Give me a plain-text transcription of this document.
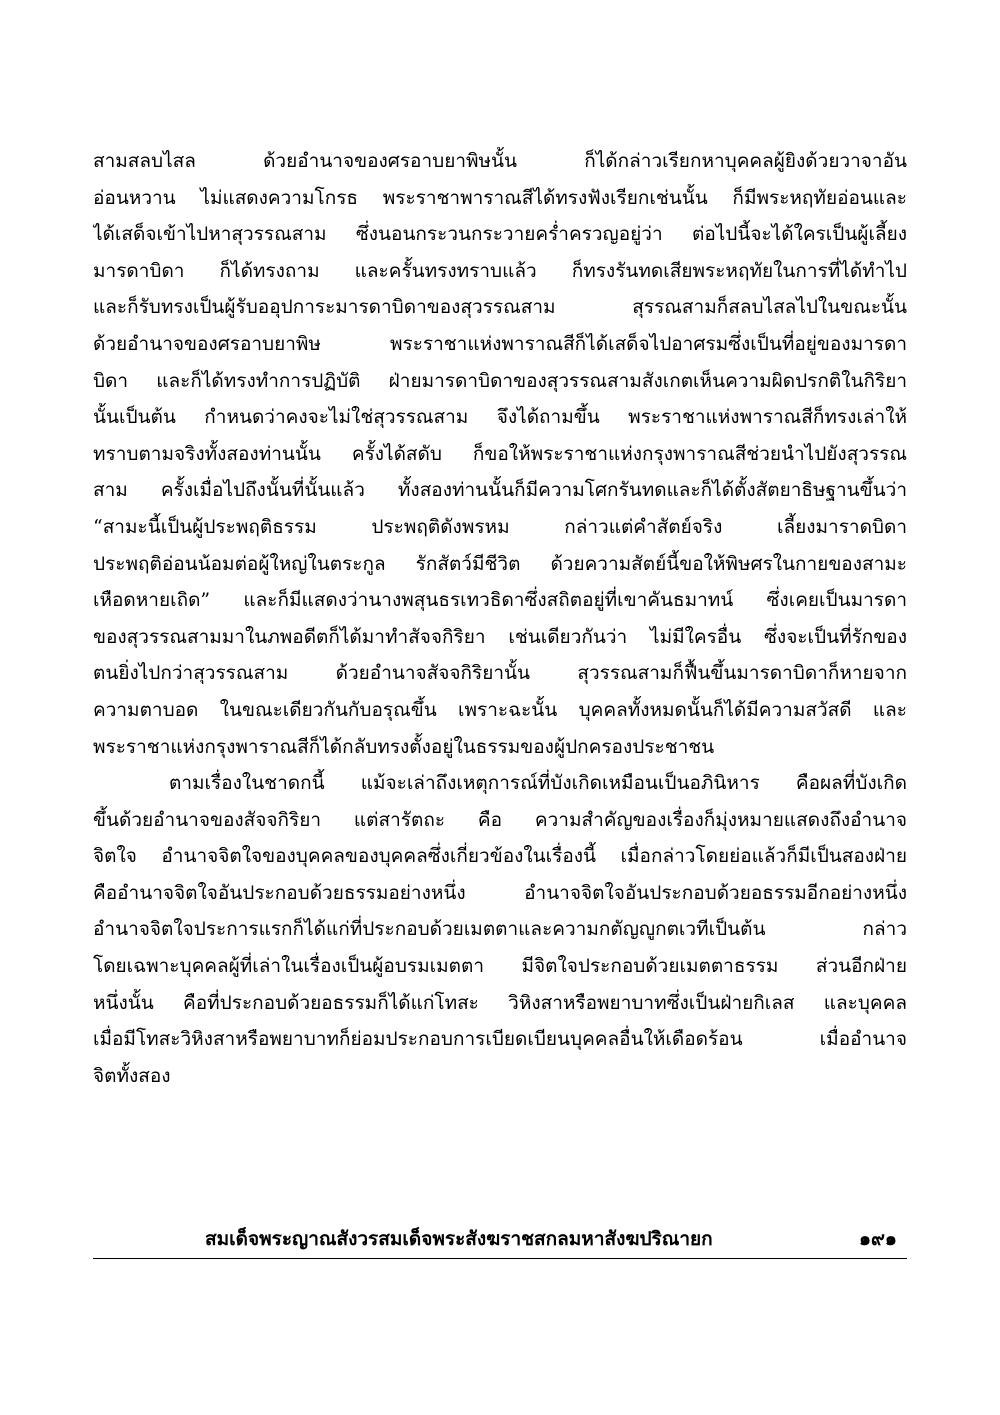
สามสลบไสล ด้วยอำนาจของศรอาบยาพิษนั้น ก็ได้กล่าวเรียกหาบุคคลผู้ยิงด้วยวาจาอัน
อ่อนหวาน ไม่แสดงความโกรธ พระราชาพาราณสีได้ทรงฟังเรียกเช่นนั้น ก็มีพระหฤทัยอ่อนและ
ได้เสด็จเข้าไปหาสุวรรณสาม ซึ่งนอนกระวนกระวายคร่ำครวญอยู่ว่า ต่อไปนี้จะได้ใครเป็นผู้เลี้ยง
มารดาบิดา ก็ได้ทรงถาม และครั้นทรงทราบแล้ว ก็ทรงรันทดเสียพระหฤทัยในการที่ได้ทำไป
และก็รับทรงเป็นผู้รับออุปการะมารดาบิดาของสุวรรณสาม สุรรณสามก็สลบไสลไปในขณะนั้น
ด้วยอำนาจของศรอาบยาพิษ พระราชาแห่งพาราณสีก็ได้เสด็จไปอาศรมซึ่งเป็นที่อยู่ของมารดา
บิดา และก็ได้ทรงทำการปฏิบัติ ฝ่ายมารดาบิดาของสุวรรณสามสังเกตเห็นความผิดปรกติในกิริยา
นั้นเป็นต้น กำหนดว่าคงจะไม่ใช่สุวรรณสาม จึงได้ถามขึ้น พระราชาแห่งพาราณสีก็ทรงเล่าให้
ทราบตามจริงทั้งสองท่านนั้น ครั้งได้สดับ ก็ขอให้พระราชาแห่งกรุงพาราณสีช่วยนำไปยังสุวรรณ
สาม ครั้งเมื่อไปถึงนั้นที่นั้นแล้ว ทั้งสองท่านนั้นก็มีความโศกรันทดและก็ได้ตั้งสัตยาธิษฐานขึ้นว่า
“สามะนี้เป็นผู้ประพฤติธรรม ประพฤติดังพรหม กล่าวแต่คำสัตย์จริง เลี้ยงมาราดบิดา
ประพฤติอ่อนน้อมต่อผู้ใหญ่ในตระกูล รักสัตว์มีชีวิต ด้วยความสัตย์นี้ขอให้พิษศรในกายของสามะ
เหือดหายเถิด” และก็มีแสดงว่านางพสุนธรเทวธิดาซึ่งสถิตอยู่ที่เขาคันธมาทน์ ซึ่งเคยเป็นมารดา
ของสุวรรณสามมาในภพอดีตก็ได้มาทำสัจจกิริยา เช่นเดียวกันว่า ไม่มีใครอื่น ซึ่งจะเป็นที่รักของ
ตนยิ่งไปกว่าสุวรรณสาม ด้วยอำนาจสัจจกิริยานั้น สุวรรณสามก็ฟื้นขึ้นมารดาบิดาก็หายจาก
ความตาบอด ในขณะเดียวกันกับอรุณขึ้น เพราะฉะนั้น บุคคลทั้งหมดนั้นก็ได้มีความสวัสดี และ
พระราชาแห่งกรุงพาราณสีก็ได้กลับทรงตั้งอยู่ในธรรมของผู้ปกครองประชาชน
ตามเรื่องในชาดกนี้ แม้จะเล่าถึงเหตุการณ์ที่บังเกิดเหมือนเป็นอภินิหาร คือผลที่บังเกิด
ขึ้นด้วยอำนาจของสัจจกิริยา แต่สารัตถะ คือ ความสำคัญของเรื่องก็มุ่งหมายแสดงถึงอำนาจ
จิตใจ อำนาจจิตใจของบุคคลของบุคคลซึ่งเกี่ยวข้องในเรื่องนี้ เมื่อกล่าวโดยย่อแล้วก็มีเป็นสองฝ่าย
คืออำนาจจิตใจอันประกอบด้วยธรรมอย่างหนึ่ง อำนาจจิตใจอันประกอบด้วยอธรรมอีกอย่างหนึ่ง
อำนาจจิตใจประการแรกก็ได้แก่ที่ประกอบด้วยเมตตาและความกตัญญูกตเวทีเป็นต้น กล่าว
โดยเฉพาะบุคคลผู้ที่เล่าในเรื่องเป็นผู้อบรมเมตตา มีจิตใจประกอบด้วยเมตตาธรรม ส่วนอีกฝ่าย
หนึ่งนั้น คือที่ประกอบด้วยอธรรมก็ได้แก่โทสะ วิหิงสาหรือพยาบาทซึ่งเป็นฝ่ายกิเลส และบุคคล
เมื่อมีโทสะวิหิงสาหรือพยาบาทก็ย่อมประกอบการเบียดเบียนบุคคลอื่นให้เดือดร้อน เมื่ออำนาจ
จิตทั้งสอง
สมเด็จพระญาณสังวรสมเด็จพระสังฆราชสกลมหาสังฆปริณายก	๑๙๑
